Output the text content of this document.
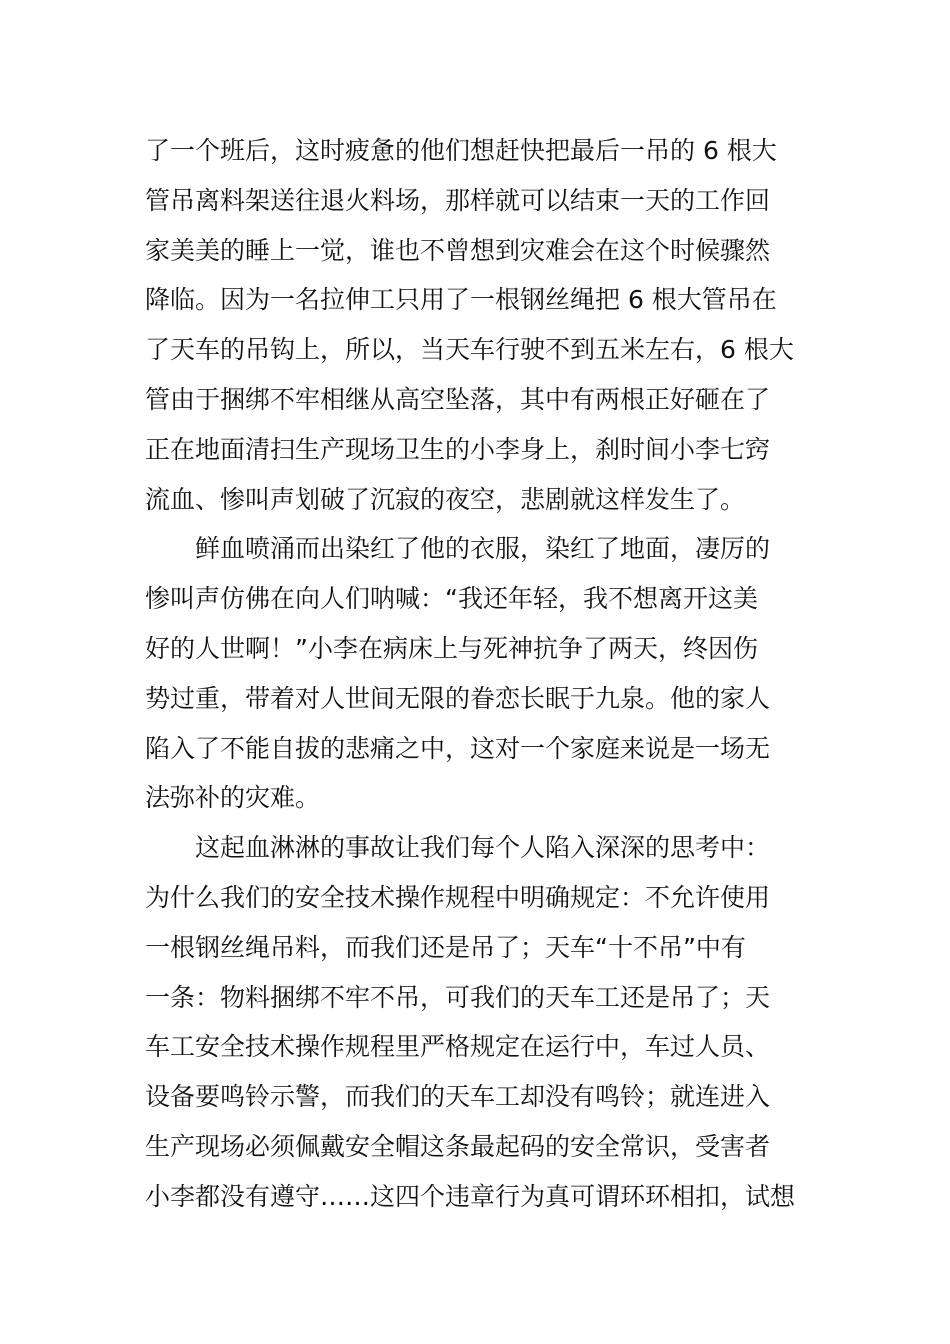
了一个班后，这时疲惫的他们想赶快把最后一吊的 6 根大
管吊离料架送往退火料场，那样就可以结束一天的工作回
家美美的睡上一觉，谁也不曾想到灾难会在这个时候骤然
降临。因为一名拉伸工只用了一根钢丝绳把 6 根大管吊在
了天车的吊钩上，所以，当天车行驶不到五米左右，6 根大
管由于捆绑不牢相继从高空坠落，其中有两根正好砸在了
正在地面清扫生产现场卫生的小李身上，刹时间小李七窍
流血、惨叫声划破了沉寂的夜空，悲剧就这样发生了。
鲜血喷涌而出染红了他的衣服，染红了地面，凄厉的
惨叫声仿佛在向人们呐喊：“我还年轻，我不想离开这美
好的人世啊！”小李在病床上与死神抗争了两天，终因伤
势过重，带着对人世间无限的眷恋长眠于九泉。他的家人
陷入了不能自拔的悲痛之中，这对一个家庭来说是一场无
法弥补的灾难。
这起血淋淋的事故让我们每个人陷入深深的思考中：
为什么我们的安全技术操作规程中明确规定：不允许使用
一根钢丝绳吊料，而我们还是吊了；天车“十不吊”中有
一条：物料捆绑不牢不吊，可我们的天车工还是吊了；天
车工安全技术操作规程里严格规定在运行中，车过人员、
设备要鸣铃示警，而我们的天车工却没有鸣铃；就连进入
生产现场必须佩戴安全帽这条最起码的安全常识，受害者
小李都没有遵守……这四个违章行为真可谓环环相扣，试想
